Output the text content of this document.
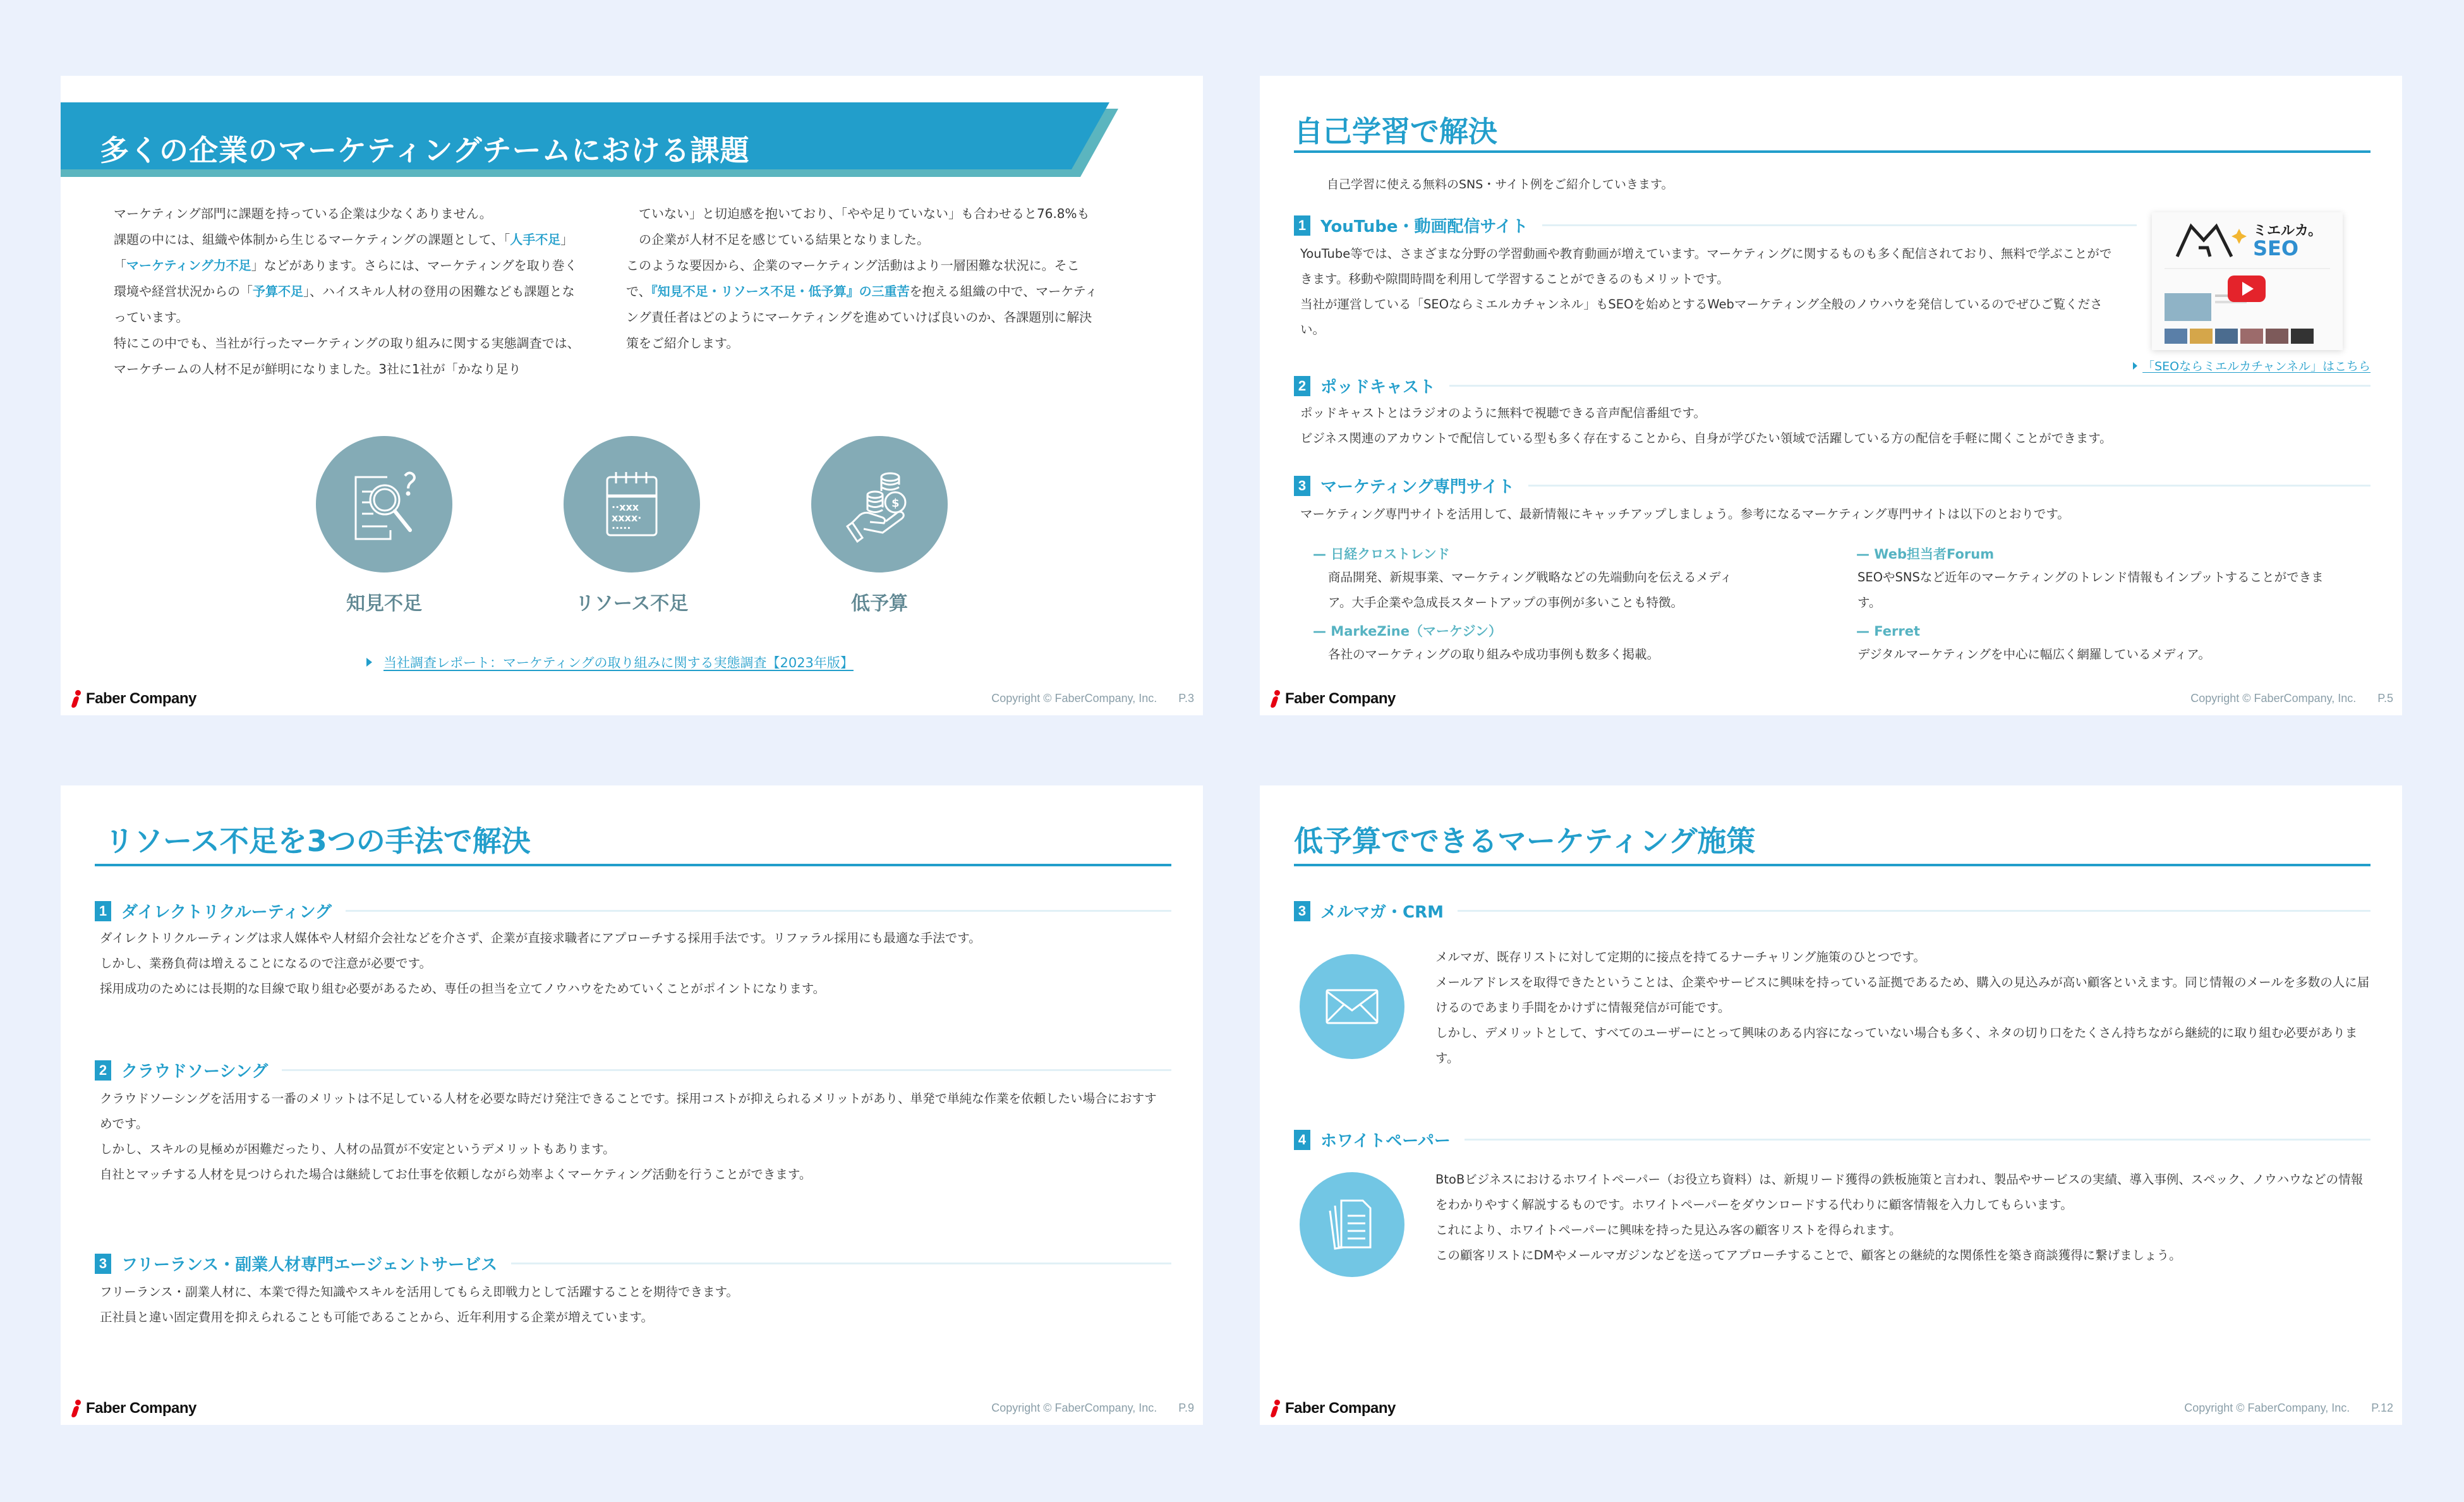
多くの企業のマーケティングチームにおける課題
マーケティング部門に課題を持っている企業は少なくありません。
課題の中には、組織や体制から生じるマーケティングの課題として、「人手不足」「マーケティング力不足」などがあります。さらには、マーケティングを取り巻く環境や経営状況からの「予算不足」、ハイスキル人材の登用の困難なども課題となっています。
特にこの中でも、当社が行ったマーケティングの取り組みに関する実態調査では、マーケチームの人材不足が鮮明になりました。3社に1社が「かなり足り
ていない」と切迫感を抱いており、「やや足りていない」も合わせると76.8%もの企業が人材不足を感じている結果となりました。
このような要因から、企業のマーケティング活動はより一層困難な状況に。そこで、『知見不足・リソース不足・低予算』の三重苦を抱える組織の中で、マーケティング責任者はどのようにマーケティングを進めていけば良いのか、各課題別に解決策をご紹介します。
知見不足
··xxx
xxxx·
·····
リソース不足
$
低予算
当社調査レポート：マーケティングの取り組みに関する実態調査【2023年版】
Faber Company	Copyright © FaberCompany, Inc. P.3
自己学習で解決
自己学習に使える無料のSNS・サイト例をご紹介していきます。
1 YouTube・動画配信サイト
YouTube等では、さまざまな分野の学習動画や教育動画が増えています。マーケティングに関するものも多く配信されており、無料で学ぶことができます。移動や隙間時間を利用して学習することができるのもメリットです。
当社が運営している「SEOならミエルカチャンネル」もSEOを始めとするWebマーケティング全般のノウハウを発信しているのでぜひご覧ください。
ミエルカ。
SEO
「SEOならミエルカチャンネル」はこちら
2 ポッドキャスト
ポッドキャストとはラジオのように無料で視聴できる音声配信番組です。
ビジネス関連のアカウントで配信している型も多く存在することから、自身が学びたい領域で活躍している方の配信を手軽に聞くことができます。
3 マーケティング専門サイト
マーケティング専門サイトを活用して、最新情報にキャッチアップしましょう。参考になるマーケティング専門サイトは以下のとおりです。
— 日経クロストレンド
商品開発、新規事業、マーケティング戦略などの先端動向を伝えるメディア。大手企業や急成長スタートアップの事例が多いことも特徴。
— Web担当者Forum
SEOやSNSなど近年のマーケティングのトレンド情報もインプットすることができます。
— MarkeZine（マーケジン）
各社のマーケティングの取り組みや成功事例も数多く掲載。
— Ferret
デジタルマーケティングを中心に幅広く網羅しているメディア。
Faber Company	Copyright © FaberCompany, Inc. P.5
リソース不足を3つの手法で解決
1 ダイレクトリクルーティング
ダイレクトリクルーティングは求人媒体や人材紹介会社などを介さず、企業が直接求職者にアプローチする採用手法です。リファラル採用にも最適な手法です。
しかし、業務負荷は増えることになるので注意が必要です。
採用成功のためには長期的な目線で取り組む必要があるため、専任の担当を立てノウハウをためていくことがポイントになります。
2 クラウドソーシング
クラウドソーシングを活用する一番のメリットは不足している人材を必要な時だけ発注できることです。採用コストが抑えられるメリットがあり、単発で単純な作業を依頼したい場合におすすめです。
しかし、スキルの見極めが困難だったり、人材の品質が不安定というデメリットもあります。
自社とマッチする人材を見つけられた場合は継続してお仕事を依頼しながら効率よくマーケティング活動を行うことができます。
3 フリーランス・副業人材専門エージェントサービス
フリーランス・副業人材に、本業で得た知識やスキルを活用してもらえ即戦力として活躍することを期待できます。
正社員と違い固定費用を抑えられることも可能であることから、近年利用する企業が増えています。
Faber Company	Copyright © FaberCompany, Inc. P.9
低予算でできるマーケティング施策
3 メルマガ・CRM
メルマガ、既存リストに対して定期的に接点を持てるナーチャリング施策のひとつです。
メールアドレスを取得できたということは、企業やサービスに興味を持っている証拠であるため、購入の見込みが高い顧客といえます。同じ情報のメールを多数の人に届けるのであまり手間をかけずに情報発信が可能です。
しかし、デメリットとして、すべてのユーザーにとって興味のある内容になっていない場合も多く、ネタの切り口をたくさん持ちながら継続的に取り組む必要があります。
4 ホワイトペーパー
BtoBビジネスにおけるホワイトペーパー（お役立ち資料）は、新規リード獲得の鉄板施策と言われ、製品やサービスの実績、導入事例、スペック、ノウハウなどの情報をわかりやすく解説するものです。ホワイトペーパーをダウンロードする代わりに顧客情報を入力してもらいます。
これにより、ホワイトペーパーに興味を持った見込み客の顧客リストを得られます。
この顧客リストにDMやメールマガジンなどを送ってアプローチすることで、顧客との継続的な関係性を築き商談獲得に繋げましょう。
Faber Company	Copyright © FaberCompany, Inc. P.12
